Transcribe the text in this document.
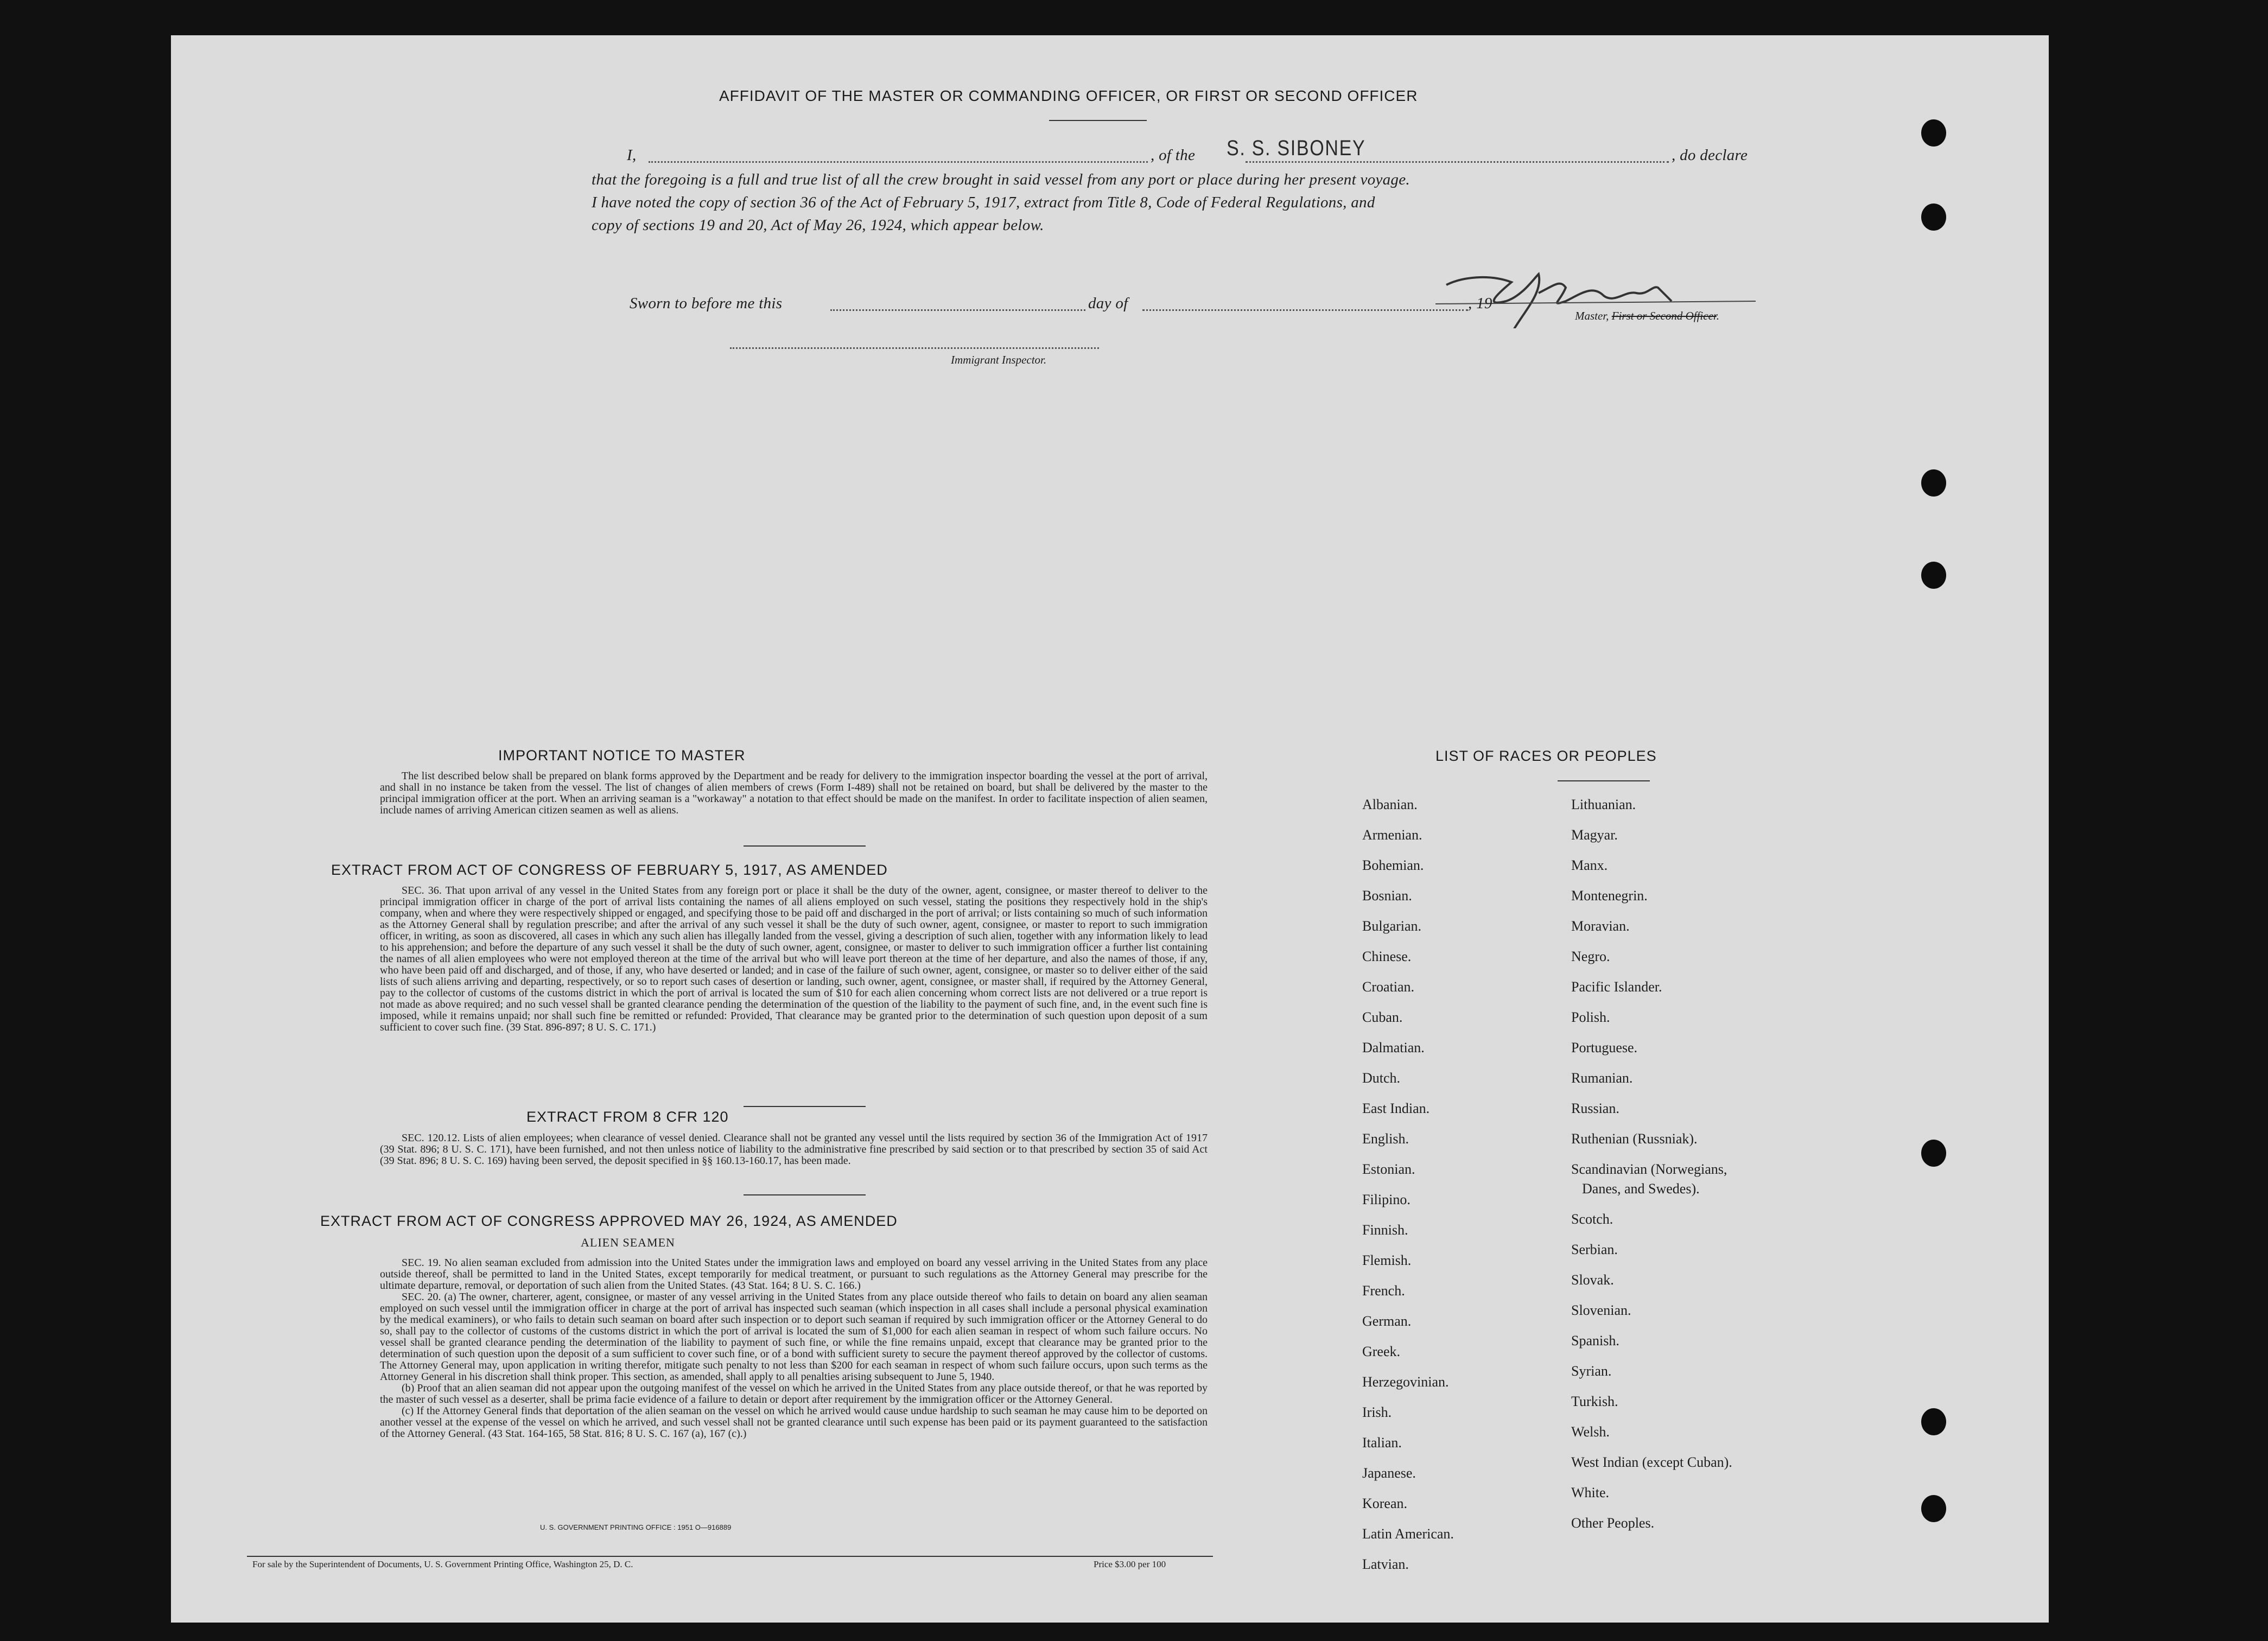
AFFIDAVIT OF THE MASTER OR COMMANDING OFFICER, OR FIRST OR SECOND OFFICER
I,	, of the S. S. SIBONEY	, do declare
that the foregoing is a full and true list of all the crew brought in said vessel from any port or place during her present voyage.
I have noted the copy of section 36 of the Act of February 5, 1917, extract from Title 8, Code of Federal Regulations, and
copy of sections 19 and 20, Act of May 26, 1924, which appear below.
Master, First or Second Officer.
Sworn to before me this	day of	, 19
Immigrant Inspector.
IMPORTANT NOTICE TO MASTER

The list described below shall be prepared on blank forms approved by the Department and be ready for delivery to the immigration inspector boarding the vessel at the port of arrival, and shall in no instance be taken from the vessel. The list of changes of alien members of crews (Form I-489) shall not be retained on board, but shall be delivered by the master to the principal immigration officer at the port. When an arriving seaman is a "workaway" a notation to that effect should be made on the manifest. In order to facilitate inspection of alien seamen, include names of arriving American citizen seamen as well as aliens.

EXTRACT FROM ACT OF CONGRESS OF FEBRUARY 5, 1917, AS AMENDED

SEC. 36. That upon arrival of any vessel in the United States from any foreign port or place it shall be the duty of the owner, agent, consignee, or master thereof to deliver to the principal immigration officer in charge of the port of arrival lists containing the names of all aliens employed on such vessel, stating the positions they respectively hold in the ship's company, when and where they were respectively shipped or engaged, and specifying those to be paid off and discharged in the port of arrival; or lists containing so much of such information as the Attorney General shall by regulation prescribe; and after the arrival of any such vessel it shall be the duty of such owner, agent, consignee, or master to report to such immigration officer, in writing, as soon as discovered, all cases in which any such alien has illegally landed from the vessel, giving a description of such alien, together with any information likely to lead to his apprehension; and before the departure of any such vessel it shall be the duty of such owner, agent, consignee, or master to deliver to such immigration officer a further list containing the names of all alien employees who were not employed thereon at the time of the arrival but who will leave port thereon at the time of her departure, and also the names of those, if any, who have been paid off and discharged, and of those, if any, who have deserted or landed; and in case of the failure of such owner, agent, consignee, or master so to deliver either of the said lists of such aliens arriving and departing, respectively, or so to report such cases of desertion or landing, such owner, agent, consignee, or master shall, if required by the Attorney General, pay to the collector of customs of the customs district in which the port of arrival is located the sum of $10 for each alien concerning whom correct lists are not delivered or a true report is not made as above required; and no such vessel shall be granted clearance pending the determination of the question of the liability to the payment of such fine, and, in the event such fine is imposed, while it remains unpaid; nor shall such fine be remitted or refunded: Provided, That clearance may be granted prior to the determination of such question upon deposit of a sum sufficient to cover such fine. (39 Stat. 896-897; 8 U. S. C. 171.)

EXTRACT FROM 8 CFR 120

SEC. 120.12. Lists of alien employees; when clearance of vessel denied. Clearance shall not be granted any vessel until the lists required by section 36 of the Immigration Act of 1917 (39 Stat. 896; 8 U. S. C. 171), have been furnished, and not then unless notice of liability to the administrative fine prescribed by said section or to that prescribed by section 35 of said Act (39 Stat. 896; 8 U. S. C. 169) having been served, the deposit specified in §§ 160.13-160.17, has been made.

EXTRACT FROM ACT OF CONGRESS APPROVED MAY 26, 1924, AS AMENDED
ALIEN SEAMEN

SEC. 19. No alien seaman excluded from admission into the United States under the immigration laws and employed on board any vessel arriving in the United States from any place outside thereof, shall be permitted to land in the United States, except temporarily for medical treatment, or pursuant to such regulations as the Attorney General may prescribe for the ultimate departure, removal, or deportation of such alien from the United States. (43 Stat. 164; 8 U. S. C. 166.)

SEC. 20. (a) The owner, charterer, agent, consignee, or master of any vessel arriving in the United States from any place outside thereof who fails to detain on board any alien seaman employed on such vessel until the immigration officer in charge at the port of arrival has inspected such seaman (which inspection in all cases shall include a personal physical examination by the medical examiners), or who fails to detain such seaman on board after such inspection or to deport such seaman if required by such immigration officer or the Attorney General to do so, shall pay to the collector of customs of the customs district in which the port of arrival is located the sum of $1,000 for each alien seaman in respect of whom such failure occurs. No vessel shall be granted clearance pending the determination of the liability to payment of such fine, or while the fine remains unpaid, except that clearance may be granted prior to the determination of such question upon the deposit of a sum sufficient to cover such fine, or of a bond with sufficient surety to secure the payment thereof approved by the collector of customs. The Attorney General may, upon application in writing therefor, mitigate such penalty to not less than $200 for each seaman in respect of whom such failure occurs, upon such terms as the Attorney General in his discretion shall think proper. This section, as amended, shall apply to all penalties arising subsequent to June 5, 1940.

(b) Proof that an alien seaman did not appear upon the outgoing manifest of the vessel on which he arrived in the United States from any place outside thereof, or that he was reported by the master of such vessel as a deserter, shall be prima facie evidence of a failure to detain or deport after requirement by the immigration officer or the Attorney General.

(c) If the Attorney General finds that deportation of the alien seaman on the vessel on which he arrived would cause undue hardship to such seaman he may cause him to be deported on another vessel at the expense of the vessel on which he arrived, and such vessel shall not be granted clearance until such expense has been paid or its payment guaranteed to the satisfaction of the Attorney General. (43 Stat. 164-165, 58 Stat. 816; 8 U. S. C. 167 (a), 167 (c).)

U. S. GOVERNMENT PRINTING OFFICE : 1951 O—916889
For sale by the Superintendent of Documents, U. S. Government Printing Office, Washington 25, D. C.	Price $3.00 per 100
LIST OF RACES OR PEOPLES
Albanian.
Armenian.
Bohemian.
Bosnian.
Bulgarian.
Chinese.
Croatian.
Cuban.
Dalmatian.
Dutch.
East Indian.
English.
Estonian.
Filipino.
Finnish.
Flemish.
French.
German.
Greek.
Herzegovinian.
Irish.
Italian.
Japanese.
Korean.
Latin American.
Latvian.
Lithuanian.
Magyar.
Manx.
Montenegrin.
Moravian.
Negro.
Pacific Islander.
Polish.
Portuguese.
Rumanian.
Russian.
Ruthenian (Russniak).
Scandinavian (Norwegians,
Danes, and Swedes).
Scotch.
Serbian.
Slovak.
Slovenian.
Spanish.
Syrian.
Turkish.
Welsh.
West Indian (except Cuban).
White.
Other Peoples.
